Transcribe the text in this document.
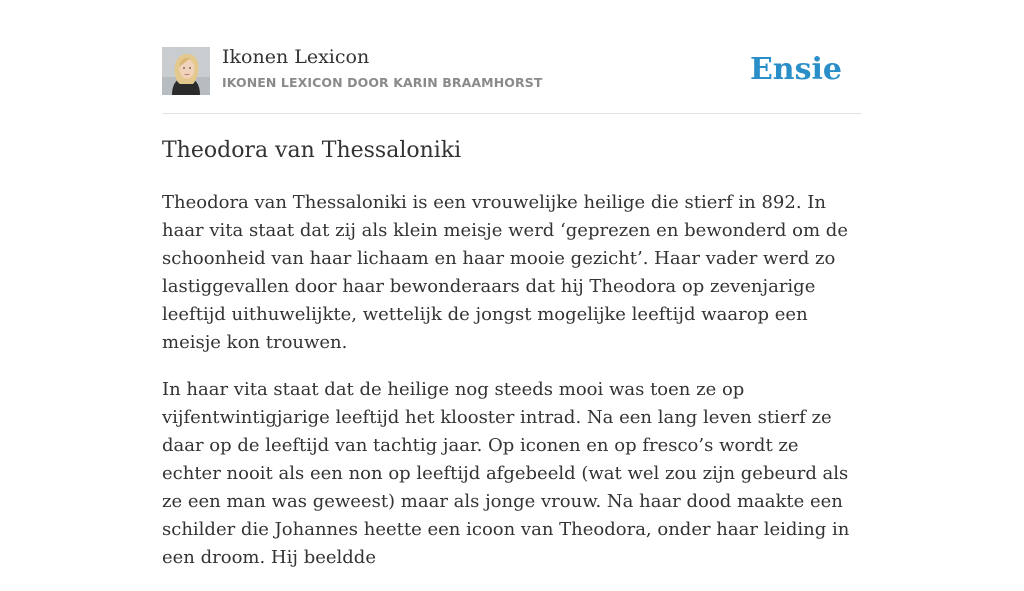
Ikonen Lexicon
IKONEN LEXICON DOOR KARIN BRAAMHORST	Ensie
Theodora van Thessaloniki

Theodora van Thessaloniki is een vrouwelijke heilige die stierf in 892. In haar vita staat dat zij als klein meisje werd ‘geprezen en bewonderd om de schoonheid van haar lichaam en haar mooie gezicht’. Haar vader werd zo lastiggevallen door haar bewonderaars dat hij Theodora op zevenjarige leeftijd uithuwelijkte, wettelijk de jongst mogelijke leeftijd waarop een meisje kon trouwen.

In haar vita staat dat de heilige nog steeds mooi was toen ze op vijfentwintigjarige leeftijd het klooster intrad. Na een lang leven stierf ze daar op de leeftijd van tachtig jaar. Op iconen en op fresco’s wordt ze echter nooit als een non op leeftijd afgebeeld (wat wel zou zijn gebeurd als ze een man was geweest) maar als jonge vrouw. Na haar dood maakte een schilder die Johannes heette een icoon van Theodora, onder haar leiding in een droom. Hij beeldde
